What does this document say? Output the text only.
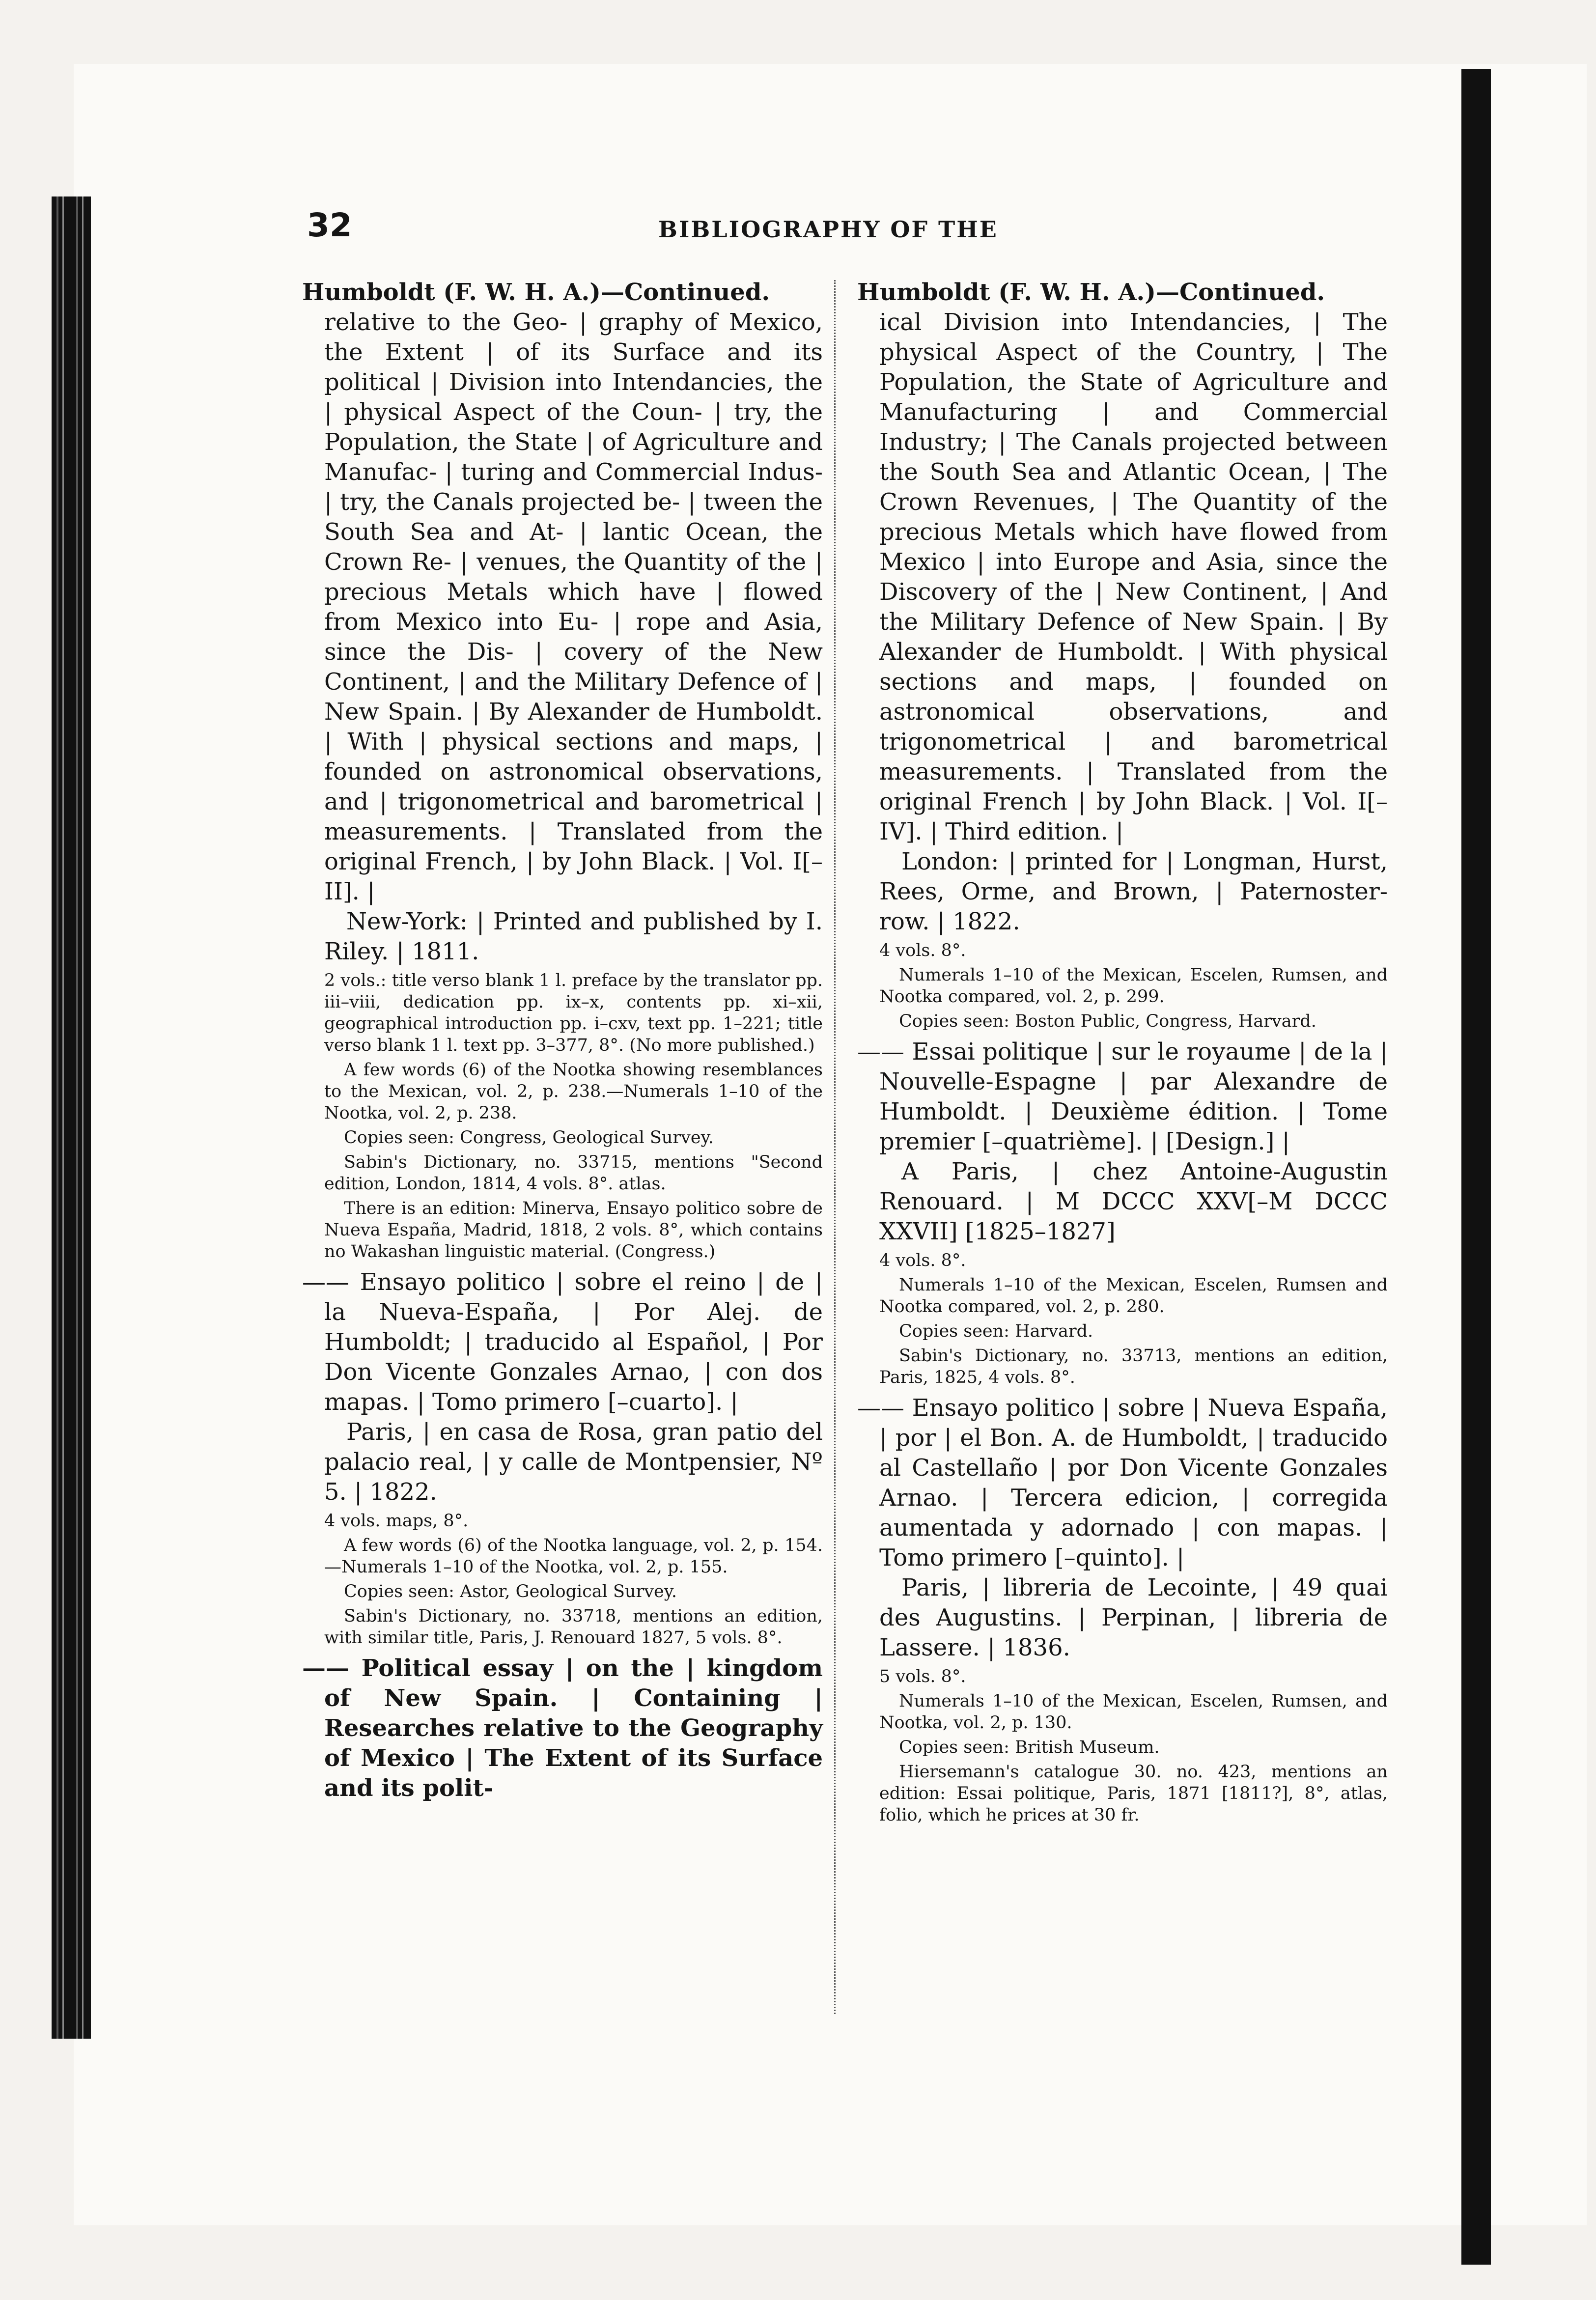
32	BIBLIOGRAPHY OF THE

Humboldt (F. W. H. A.)—Continued.

relative to the Geo- | graphy of Mexico, the Extent | of its Surface and its political | Division into Intendancies, the | physical Aspect of the Coun- | try, the Population, the State | of Agriculture and Manufac- | turing and Commercial Indus- | try, the Canals projected be- | tween the South Sea and At- | lantic Ocean, the Crown Re- | venues, the Quantity of the | precious Metals which have | flowed from Mexico into Eu- | rope and Asia, since the Dis- | covery of the New Continent, | and the Military Defence of | New Spain. | By Alexander de Humboldt. | With | physical sections and maps, | founded on astronomical observations, and | trigonometrical and barometrical | measurements. | Translated from the original French, | by John Black. | Vol. I[–II]. |

New-York: | Printed and published by I. Riley. | 1811.

2 vols.: title verso blank 1 l. preface by the translator pp. iii–viii, dedication pp. ix–x, contents pp. xi–xii, geographical introduction pp. i–cxv, text pp. 1–221; title verso blank 1 l. text pp. 3–377, 8°. (No more published.)

A few words (6) of the Nootka showing resemblances to the Mexican, vol. 2, p. 238.—Numerals 1–10 of the Nootka, vol. 2, p. 238.

Copies seen: Congress, Geological Survey.

Sabin's Dictionary, no. 33715, mentions "Second edition, London, 1814, 4 vols. 8°. atlas.

There is an edition: Minerva, Ensayo politico sobre de Nueva España, Madrid, 1818, 2 vols. 8°, which contains no Wakashan linguistic material. (Congress.)

—— Ensayo politico | sobre el reino | de | la Nueva-España, | Por Alej. de Humboldt; | traducido al Español, | Por Don Vicente Gonzales Arnao, | con dos mapas. | Tomo primero [–cuarto]. |

Paris, | en casa de Rosa, gran patio del palacio real, | y calle de Montpensier, Nº 5. | 1822.

4 vols. maps, 8°.

A few words (6) of the Nootka language, vol. 2, p. 154.—Numerals 1–10 of the Nootka, vol. 2, p. 155.

Copies seen: Astor, Geological Survey.

Sabin's Dictionary, no. 33718, mentions an edition, with similar title, Paris, J. Renouard 1827, 5 vols. 8°.

—— Political essay | on the | kingdom of New Spain. | Containing | Researches relative to the Geography of Mexico | The Extent of its Surface and its polit-

Humboldt (F. W. H. A.)—Continued.

ical Division into Intendancies, | The physical Aspect of the Country, | The Population, the State of Agriculture and Manufacturing | and Commercial Industry; | The Canals projected between the South Sea and Atlantic Ocean, | The Crown Revenues, | The Quantity of the precious Metals which have flowed from Mexico | into Europe and Asia, since the Discovery of the | New Continent, | And the Military Defence of New Spain. | By Alexander de Humboldt. | With physical sections and maps, | founded on astronomical observations, and trigonometrical | and barometrical measurements. | Translated from the original French | by John Black. | Vol. I[–IV]. | Third edition. |

London: | printed for | Longman, Hurst, Rees, Orme, and Brown, | Paternoster-row. | 1822.

4 vols. 8°.

Numerals 1–10 of the Mexican, Escelen, Rumsen, and Nootka compared, vol. 2, p. 299.

Copies seen: Boston Public, Congress, Harvard.

—— Essai politique | sur le royaume | de la | Nouvelle-Espagne | par Alexandre de Humboldt. | Deuxième édition. | Tome premier [–quatrième]. | [Design.] |

A Paris, | chez Antoine-Augustin Renouard. | M DCCC XXV[–M DCCC XXVII] [1825–1827]

4 vols. 8°.

Numerals 1–10 of the Mexican, Escelen, Rumsen and Nootka compared, vol. 2, p. 280.

Copies seen: Harvard.

Sabin's Dictionary, no. 33713, mentions an edition, Paris, 1825, 4 vols. 8°.

—— Ensayo politico | sobre | Nueva España, | por | el Bon. A. de Humboldt, | traducido al Castellaño | por Don Vicente Gonzales Arnao. | Tercera edicion, | corregida aumentada y adornado | con mapas. | Tomo primero [–quinto]. |

Paris, | libreria de Lecointe, | 49 quai des Augustins. | Perpinan, | libreria de Lassere. | 1836.

5 vols. 8°.

Numerals 1–10 of the Mexican, Escelen, Rumsen, and Nootka, vol. 2, p. 130.

Copies seen: British Museum.

Hiersemann's catalogue 30. no. 423, mentions an edition: Essai politique, Paris, 1871 [1811?], 8°, atlas, folio, which he prices at 30 fr.
